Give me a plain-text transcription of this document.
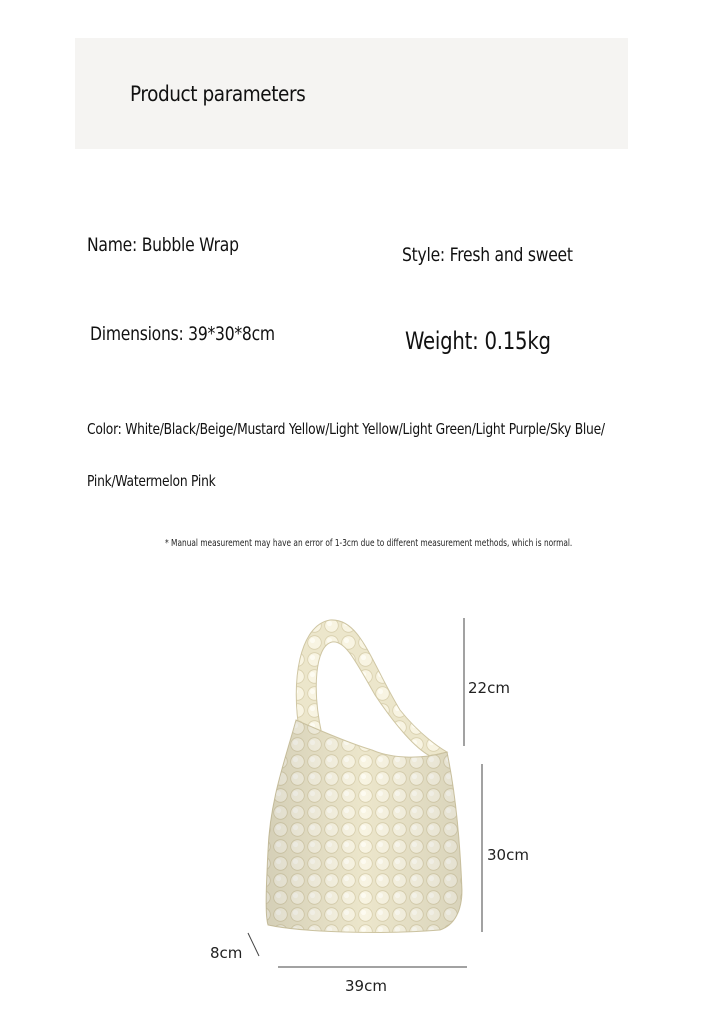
Product parameters
Name: Bubble Wrap	Style: Fresh and sweet
Dimensions: 39*30*8cm	Weight: 0.15kg
Color: White/Black/Beige/Mustard Yellow/Light Yellow/Light Green/Light Purple/Sky Blue/
Pink/Watermelon Pink
* Manual measurement may have an error of 1-3cm due to different measurement methods, which is normal.
22cm
30cm
8cm
39cm
